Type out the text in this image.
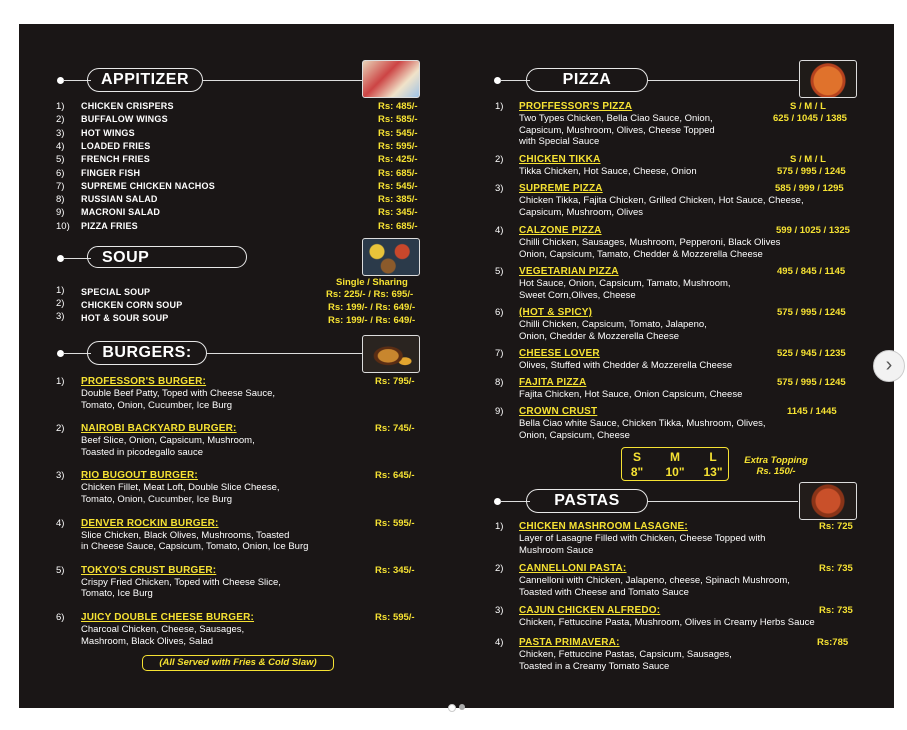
APPITIZER
1) CHICKEN CRISPERS	Rs: 485/-
2) BUFFALOW WINGS	Rs: 585/-
3) HOT WINGS	Rs: 545/-
4) LOADED FRIES	Rs: 595/-
5) FRENCH FRIES	Rs: 425/-
6) FINGER FISH	Rs: 685/-
7) SUPREME CHICKEN NACHOS	Rs: 545/-
8) RUSSIAN SALAD	Rs: 385/-
9) MACRONI SALAD	Rs: 345/-
10) PIZZA FRIES	Rs: 685/-
SOUP
Single / Sharing
1) SPECIAL SOUP	Rs: 225/- / Rs: 695/-
2) CHICKEN CORN SOUP	Rs: 199/- / Rs: 649/-
3) HOT & SOUR SOUP	Rs: 199/- / Rs: 649/-
BURGERS:
1) PROFESSOR'S BURGER:
Double Beef Patty, Toped with Cheese Sauce,
Tomato, Onion, Cucumber, Ice Burg
Rs: 795/-
2) NAIROBI BACKYARD BURGER:
Beef Slice, Onion, Capsicum, Mushroom,
Toasted in picodegallo sauce
Rs: 745/-
3) RIO BUGOUT BURGER:
Chicken Fillet, Meat Loft, Double Slice Cheese,
Tomato, Onion, Cucumber, Ice Burg
Rs: 645/-
4) DENVER ROCKIN BURGER:
Slice Chicken, Black Olives, Mushrooms, Toasted
in Cheese Sauce, Capsicum, Tomato, Onion, Ice Burg
Rs: 595/-
5) TOKYO'S CRUST BURGER:
Crispy Fried Chicken, Toped with Cheese Slice,
Tomato, Ice Burg
Rs: 345/-
6) JUICY DOUBLE CHEESE BURGER:
Charcoal Chicken, Cheese, Sausages,
Mashroom, Black Olives, Salad
Rs: 595/-
(All Served with Fries & Cold Slaw)
PIZZA
S / M / L
S / M / L
1) PROFFESSOR'S PIZZA
Two Types Chicken, Bella Ciao Sauce, Onion,
Capsicum, Mushroom, Olives, Cheese Topped
with Special Sauce
625 / 1045 / 1385
2) CHICKEN TIKKA
Tikka Chicken, Hot Sauce, Cheese, Onion	575 / 995 / 1245
3) SUPREME PIZZA
Chicken Tikka, Fajita Chicken, Grilled Chicken, Hot Sauce, Cheese,
Capsicum, Mushroom, Olives
585 / 999 / 1295
4) CALZONE PIZZA
Chilli Chicken, Sausages, Mushroom, Pepperoni, Black Olives
Onion, Capsicum, Tamato, Chedder & Mozzerella Cheese
599 / 1025 / 1325
5) VEGETARIAN PIZZA
Hot Sauce, Onion, Capsicum, Tamato, Mushroom,
Sweet Corn,Olives, Cheese
495 / 845 / 1145
6) (HOT & SPICY)
Chilli Chicken, Capsicum, Tomato, Jalapeno,
Onion, Chedder & Mozzerella Cheese
575 / 995 / 1245
7) CHEESE LOVER
Olives, Stuffed with Chedder & Mozzerella Cheese
525 / 945 / 1235
8) FAJITA PIZZA
Fajita Chicken, Hot Sauce, Onion Capsicum, Cheese
575 / 995 / 1245
9) CROWN CRUST
Bella Ciao white Sauce, Chicken Tikka, Mushroom, Olives,
Onion, Capsicum, Cheese
1145 / 1445
S	M	L
8"	10"	13"
Extra Topping
Rs. 150/-
PASTAS
1) CHICKEN MASHROOM LASAGNE:
Layer of Lasagne Filled with Chicken, Cheese Topped with
Mushroom Sauce
Rs: 725
2) CANNELLONI PASTA:
Cannelloni with Chicken, Jalapeno, cheese, Spinach Mushroom,
Toasted with Cheese and Tomato Sauce
Rs: 735
3) CAJUN CHICKEN ALFREDO:
Chicken, Fettuccine Pasta, Mushroom, Olives in Creamy Herbs Sauce
Rs: 735
4) PASTA PRIMAVERA:
Chicken, Fettuccine Pastas, Capsicum, Sausages,
Toasted in a Creamy Tomato Sauce
Rs:785
›
